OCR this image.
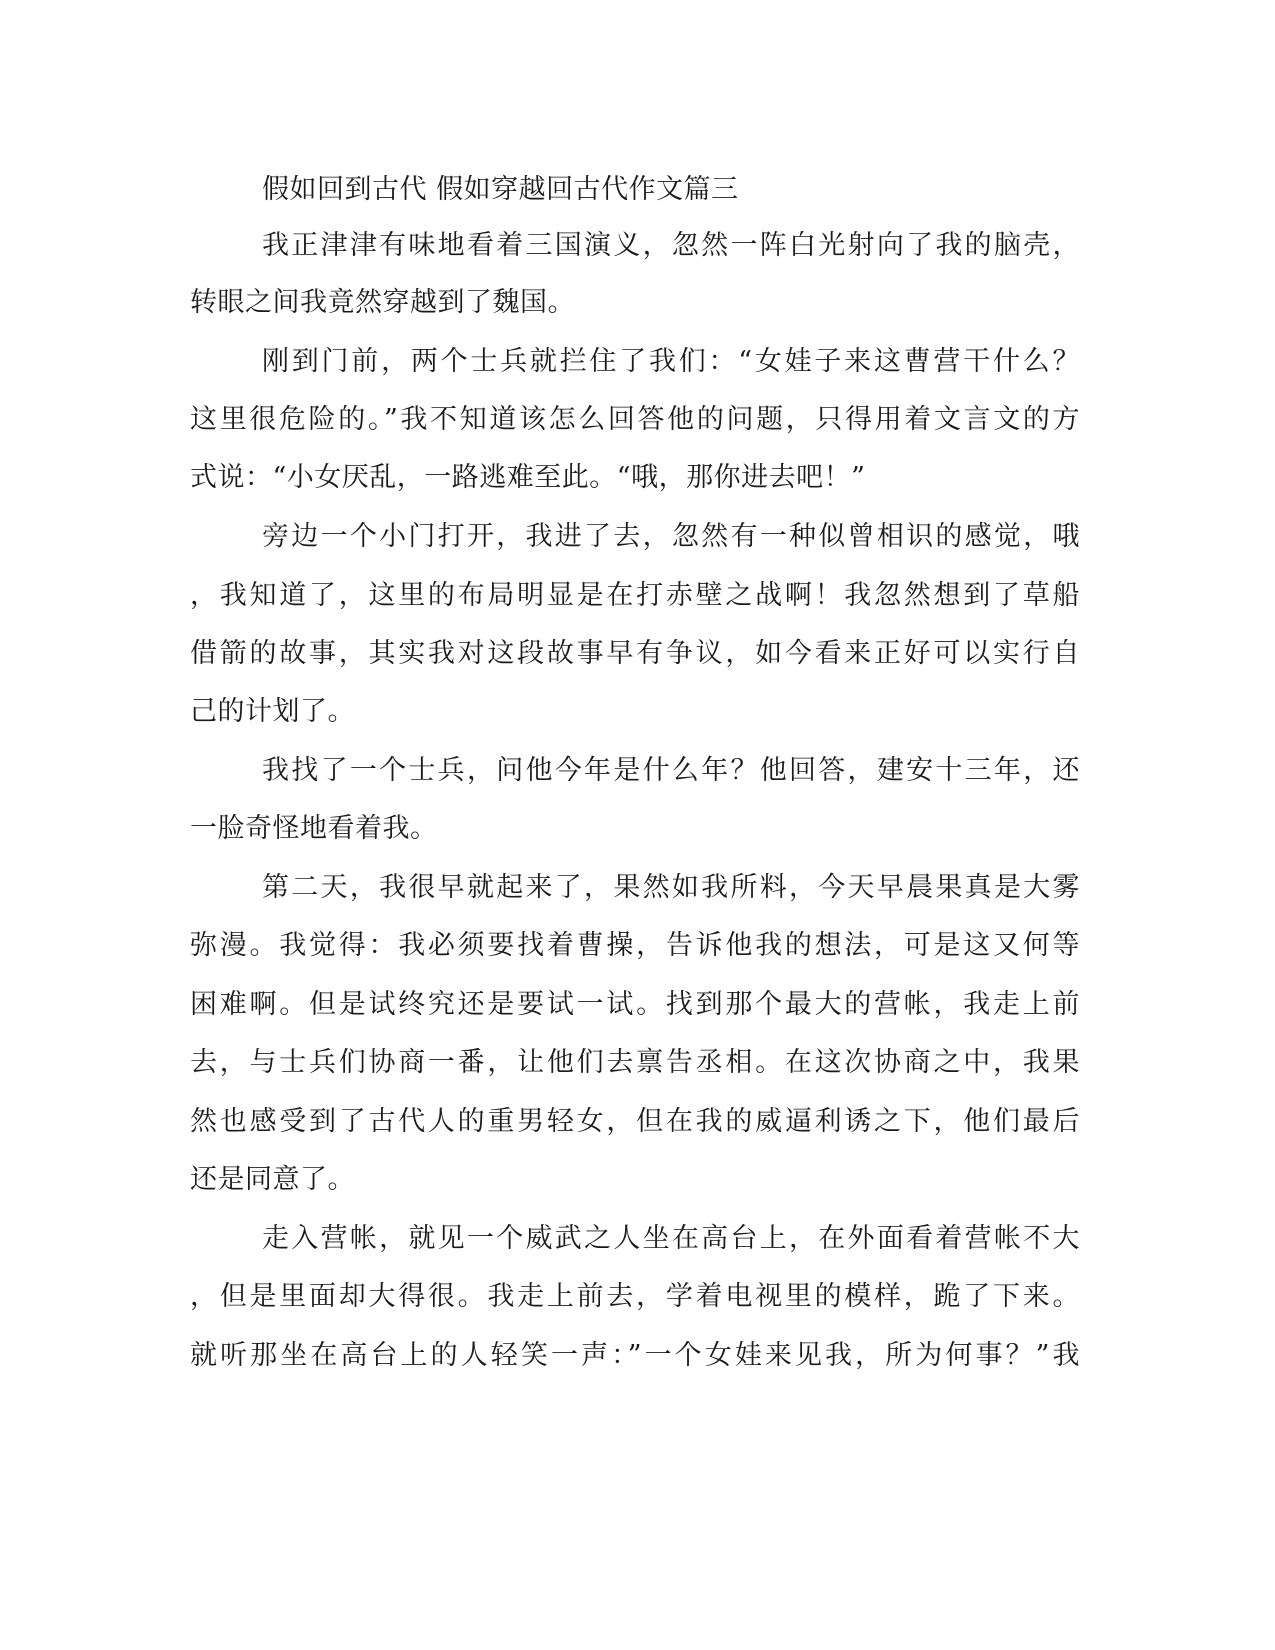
假如回到古代 假如穿越回古代作文篇三
我正津津有味地看着三国演义，忽然一阵白光射向了我的脑壳，
转眼之间我竟然穿越到了魏国。
刚到门前，两个士兵就拦住了我们：“女娃子来这曹营干什么？
这里很危险的。”我不知道该怎么回答他的问题，只得用着文言文的方
式说：“小女厌乱，一路逃难至此。“哦，那你进去吧！”
旁边一个小门打开，我进了去，忽然有一种似曾相识的感觉，哦
，我知道了，这里的布局明显是在打赤壁之战啊！我忽然想到了草船
借箭的故事，其实我对这段故事早有争议，如今看来正好可以实行自
己的计划了。
我找了一个士兵，问他今年是什么年？他回答，建安十三年，还
一脸奇怪地看着我。
第二天，我很早就起来了，果然如我所料，今天早晨果真是大雾
弥漫。我觉得：我必须要找着曹操，告诉他我的想法，可是这又何等
困难啊。但是试终究还是要试一试。找到那个最大的营帐，我走上前
去，与士兵们协商一番，让他们去禀告丞相。在这次协商之中，我果
然也感受到了古代人的重男轻女，但在我的威逼利诱之下，他们最后
还是同意了。
走入营帐，就见一个威武之人坐在高台上，在外面看着营帐不大
，但是里面却大得很。我走上前去，学着电视里的模样，跪了下来。
就听那坐在高台上的人轻笑一声：”一个女娃来见我，所为何事？”我
